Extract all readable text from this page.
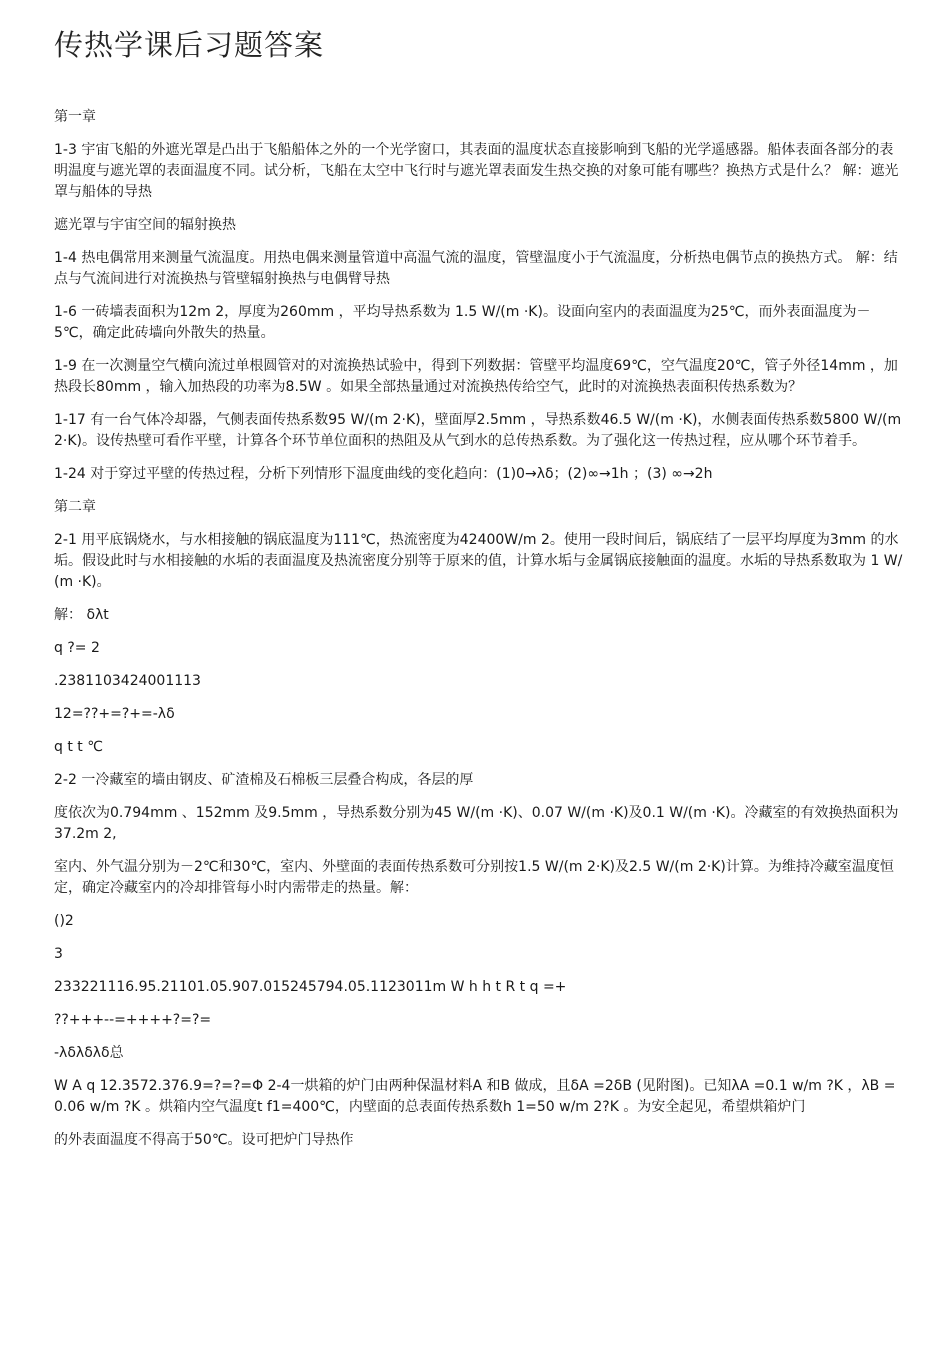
传热学课后习题答案

第一章

1-3 宇宙飞船的外遮光罩是凸出于飞船船体之外的一个光学窗口，其表面的温度状态直接影响到飞船的光学遥感器。船体表面各部分的表明温度与遮光罩的表面温度不同。试分析，飞船在太空中飞行时与遮光罩表面发生热交换的对象可能有哪些？换热方式是什么？ 解：遮光罩与船体的导热

遮光罩与宇宙空间的辐射换热

1-4 热电偶常用来测量气流温度。用热电偶来测量管道中高温气流的温度，管壁温度小于气流温度，分析热电偶节点的换热方式。 解：结点与气流间进行对流换热与管壁辐射换热与电偶臂导热

1-6 一砖墙表面积为12m 2，厚度为260mm ，平均导热系数为 1.5 W/(m ·K)。设面向室内的表面温度为25℃，而外表面温度为－5℃，确定此砖墙向外散失的热量。

1-9 在一次测量空气横向流过单根圆管对的对流换热试验中，得到下列数据：管壁平均温度69℃，空气温度20℃，管子外径14mm ，加热段长80mm ，输入加热段的功率为8.5W 。如果全部热量通过对流换热传给空气，此时的对流换热表面积传热系数为？

1-17 有一台气体冷却器，气侧表面传热系数95 W/(m 2·K)，壁面厚2.5mm ，导热系数46.5 W/(m ·K)，水侧表面传热系数5800 W/(m 2·K)。设传热壁可看作平壁，计算各个环节单位面积的热阻及从气到水的总传热系数。为了强化这一传热过程，应从哪个环节着手。

1-24 对于穿过平壁的传热过程，分析下列情形下温度曲线的变化趋向：(1)0→λδ；(2)∞→1h ；(3) ∞→2h

第二章

2-1 用平底锅烧水，与水相接触的锅底温度为111℃，热流密度为42400W/m 2。使用一段时间后，锅底结了一层平均厚度为3mm 的水垢。假设此时与水相接触的水垢的表面温度及热流密度分别等于原来的值，计算水垢与金属锅底接触面的温度。水垢的导热系数取为 1 W/(m ·K)。

解： δλt

q ?= 2

.2381103424001113

12=??+=?+=-λδ

q t t ℃

2-2 一冷藏室的墙由钢皮、矿渣棉及石棉板三层叠合构成，各层的厚

度依次为0.794mm 、152mm 及9.5mm ，导热系数分别为45 W/(m ·K)、0.07 W/(m ·K)及0.1 W/(m ·K)。冷藏室的有效换热面积为37.2m 2,

室内、外气温分别为－2℃和30℃，室内、外壁面的表面传热系数可分别按1.5 W/(m 2·K)及2.5 W/(m 2·K)计算。为维持冷藏室温度恒定，确定冷藏室内的冷却排管每小时内需带走的热量。解：

()2

3

233221116.95.21101.05.907.015245794.05.1123011m W h h t R t q =+

??+++--=++++?=?=

-λδλδλδ总

W A q 12.3572.376.9=?=?=Φ 2-4一烘箱的炉门由两种保温材料A 和B 做成，且δA =2δB (见附图)。已知λA =0.1 w/m ?K ，λB =0.06 w/m ?K 。烘箱内空气温度t f1=400℃，内壁面的总表面传热系数h 1=50 w/m 2?K 。为安全起见，希望烘箱炉门

的外表面温度不得高于50℃。设可把炉门导热作
